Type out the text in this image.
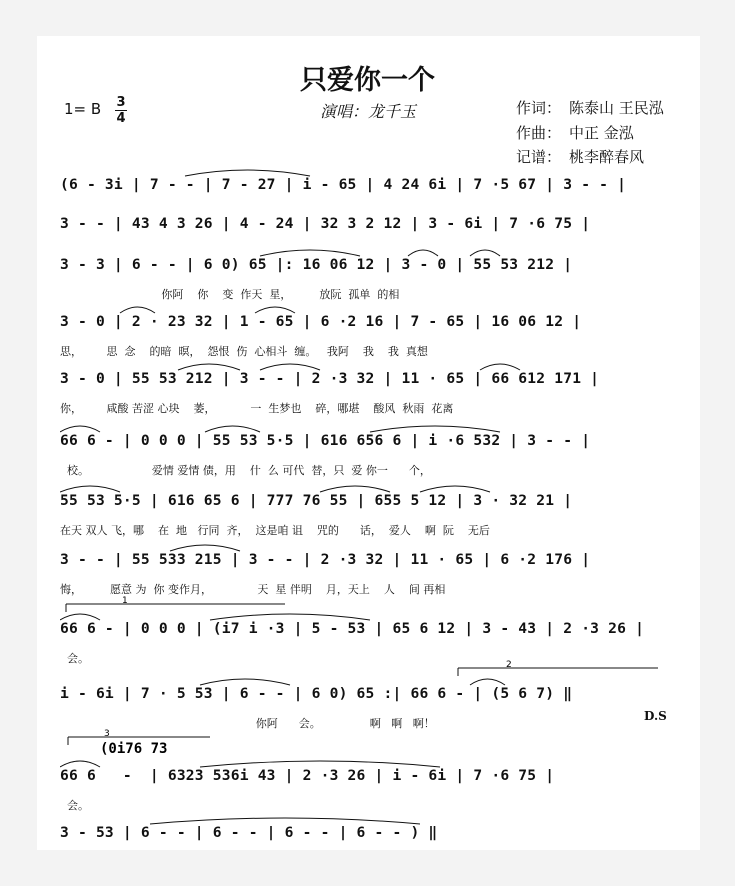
只爱你一个
1= B 3
4	演唱：龙千玉	作词： 陈泰山 王民泓
作曲： 中正 金泓
记谱： 桃李醉春风
(6 - 3i | 7 - - | 7 - 27 | i - 65 | 4 24 6i | 7 ·5 67 | 3 - - |
3 - - | 43 4 3 26 | 4 - 24 | 32 3 2 12 | 3 - 6i | 7 ·6 75 |
3 - 3 | 6 - - | 6 0) 65 |: 16 06 12 | 3 - 0 | 55 53 212 |
你阿    你    变  作天  星，        放阮  孤单  的相
3 - 0 | 2 · 23 32 | 1 - 65 | 6 ·2 16 | 7 - 65 | 16 06 12 |
思，       思  念    的暗  暝，  怨恨  伤  心相斗  缠。   我阿    我    我  真想
3 - 0 | 55 53 212 | 3 - - | 2 ·3 32 | 11 · 65 | 66 612 171 |
你，       咸酸 苦涩 心块    萎，          一  生梦也    碎，哪堪    酸风  秋雨  花离
66 6 - | 0 0 0 | 55 53 5·5 | 616 656 6 | i ·6 532 | 3 - - |
校。                  爱情 爱情 债，用    什  么 可代  替，只  爱 你一      个，
55 53 5·5 | 616 65 6 | 777 76 55 | 655 5 12 | 3 · 32 21 |
在天 双人 飞，哪    在  地   行同  齐，  这是咱 诅    咒的      话，  爱人    啊  阮    无后
3 - - | 55 533 215 | 3 - - | 2 ·3 32 | 11 · 65 | 6 ·2 176 |
悔，        愿意 为  你 变作月，             天  星 伴明    月，天上    人    间 再相
66 6 - | 0 0 0 | (i7 i ·3 | 5 - 53 | 65 6 12 | 3 - 43 | 2 ·3 26 |
会。
i - 6i | 7 · 5 53 | 6 - - | 6 0) 65 :| 66 6 - | (5 6 7) ‖
你阿      会。              啊   啊   啊！
66 6   -  | 6323 536i 43 | 2 ·3 26 | i - 6i | 7 ·6 75 |
会。
3 - 53 | 6 - - | 6 - - | 6 - - | 6 - - ) ‖
1
2
3
(0i76 73
D.S
